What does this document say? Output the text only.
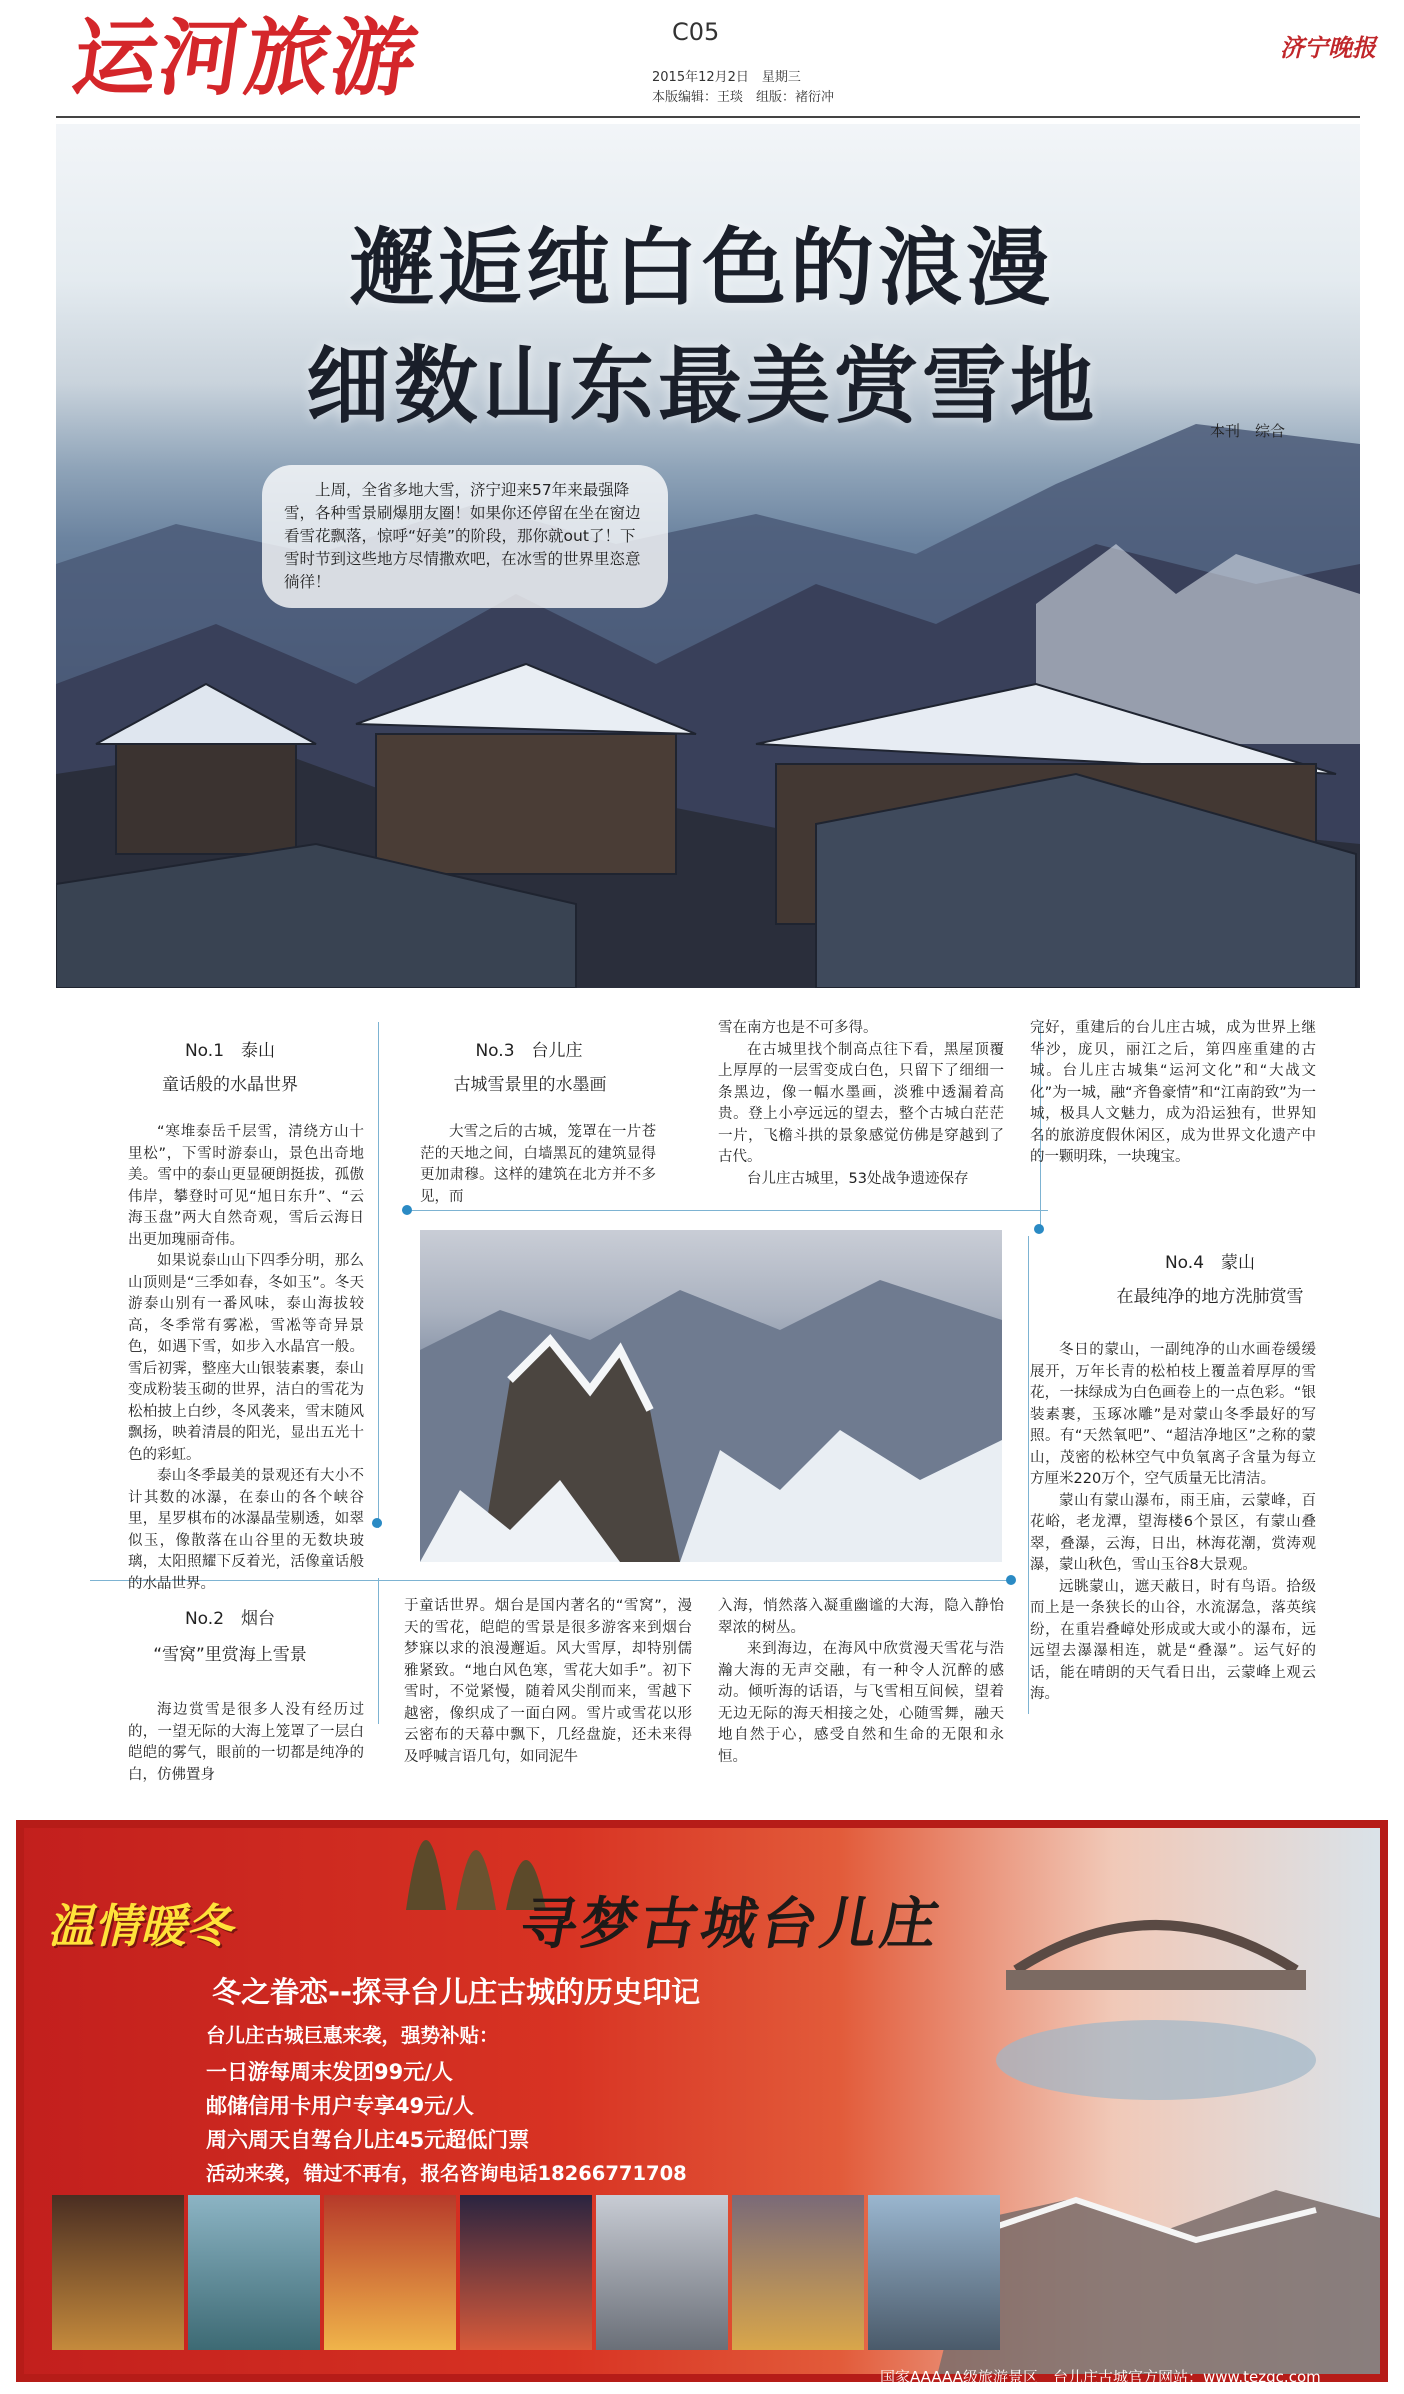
运河旅游	C05
2015年12月2日　星期三
本版编辑：王琰　组版：褚衍冲
济宁晚报
邂逅纯白色的浪漫
细数山东最美赏雪地	本刊　综合
上周，全省多地大雪，济宁迎来57年来最强降雪，各种雪景刷爆朋友圈！如果你还停留在坐在窗边看雪花飘落，惊呼“好美”的阶段，那你就out了！下雪时节到这些地方尽情撒欢吧，在冰雪的世界里恣意徜徉！
No.1　泰山
童话般的水晶世界

“寒堆泰岳千层雪，清绕方山十里松”，下雪时游泰山，景色出奇地美。雪中的泰山更显硬朗挺拔，孤傲伟岸，攀登时可见“旭日东升”、“云海玉盘”两大自然奇观，雪后云海日出更加瑰丽奇伟。

如果说泰山山下四季分明，那么山顶则是“三季如春，冬如玉”。冬天游泰山别有一番风味，泰山海拔较高，冬季常有雾凇，雪凇等奇异景色，如遇下雪，如步入水晶宫一般。雪后初霁，整座大山银装素裹，泰山变成粉装玉砌的世界，洁白的雪花为松柏披上白纱，冬风袭来，雪末随风飘扬，映着清晨的阳光，显出五光十色的彩虹。

泰山冬季最美的景观还有大小不计其数的冰瀑，在泰山的各个峡谷里，星罗棋布的冰瀑晶莹剔透，如翠似玉，像散落在山谷里的无数块玻璃，太阳照耀下反着光，活像童话般的水晶世界。

No.3　台儿庄
古城雪景里的水墨画

大雪之后的古城，笼罩在一片苍茫的天地之间，白墙黑瓦的建筑显得更加肃穆。这样的建筑在北方并不多见，而

雪在南方也是不可多得。

在古城里找个制高点往下看，黑屋顶覆上厚厚的一层雪变成白色，只留下了细细一条黑边，像一幅水墨画，淡雅中透漏着高贵。登上小亭远远的望去，整个古城白茫茫一片，飞檐斗拱的景象感觉仿佛是穿越到了古代。

台儿庄古城里，53处战争遗迹保存

完好，重建后的台儿庄古城，成为世界上继华沙，庞贝，丽江之后，第四座重建的古城。台儿庄古城集“运河文化”和“大战文化”为一城，融“齐鲁豪情”和“江南韵致”为一城，极具人文魅力，成为沿运独有，世界知名的旅游度假休闲区，成为世界文化遗产中的一颗明珠，一块瑰宝。

No.4　蒙山
在最纯净的地方洗肺赏雪

冬日的蒙山，一副纯净的山水画卷缓缓展开，万年长青的松柏枝上覆盖着厚厚的雪花，一抹绿成为白色画卷上的一点色彩。“银装素裹，玉琢冰雕”是对蒙山冬季最好的写照。有“天然氧吧”、“超洁净地区”之称的蒙山，茂密的松林空气中负氧离子含量为每立方厘米220万个，空气质量无比清洁。

蒙山有蒙山瀑布，雨王庙，云蒙峰，百花峪，老龙潭，望海楼6个景区，有蒙山叠翠，叠瀑，云海，日出，林海花潮，赏涛观瀑，蒙山秋色，雪山玉谷8大景观。

远眺蒙山，遮天蔽日，时有鸟语。拾级而上是一条狭长的山谷，水流潺急，落英缤纷，在重岩叠嶂处形成或大或小的瀑布，远远望去瀑瀑相连，就是“叠瀑”。运气好的话，能在晴朗的天气看日出，云蒙峰上观云海。

No.2　烟台
“雪窝”里赏海上雪景

海边赏雪是很多人没有经历过的，一望无际的大海上笼罩了一层白皑皑的雾气，眼前的一切都是纯净的白，仿佛置身

于童话世界。烟台是国内著名的“雪窝”，漫天的雪花，皑皑的雪景是很多游客来到烟台梦寐以求的浪漫邂逅。风大雪厚，却特别儒雅紧致。“地白风色寒，雪花大如手”。初下雪时，不觉紧慢，随着风尖削而来，雪越下越密，像织成了一面白网。雪片或雪花以形云密布的天幕中飘下，几经盘旋，还未来得及呼喊言语几句，如同泥牛

入海，悄然落入凝重幽谧的大海，隐入静怡翠浓的树丛。

来到海边，在海风中欣赏漫天雪花与浩瀚大海的无声交融，有一种令人沉醉的感动。倾听海的话语，与飞雪相互间候，望着无边无际的海天相接之处，心随雪舞，融天地自然于心，感受自然和生命的无限和永恒。

温情暖冬	寻梦古城台儿庄
冬之眷恋--探寻台儿庄古城的历史印记
台儿庄古城巨惠来袭，强势补贴：
一日游每周末发团99元/人
邮储信用卡用户专享49元/人
周六周天自驾台儿庄45元超低门票
活动来袭，错过不再有，报名咨询电话18266771708
国家AAAAA级旅游景区　台儿庄古城官方网站：www.tezgc.com
